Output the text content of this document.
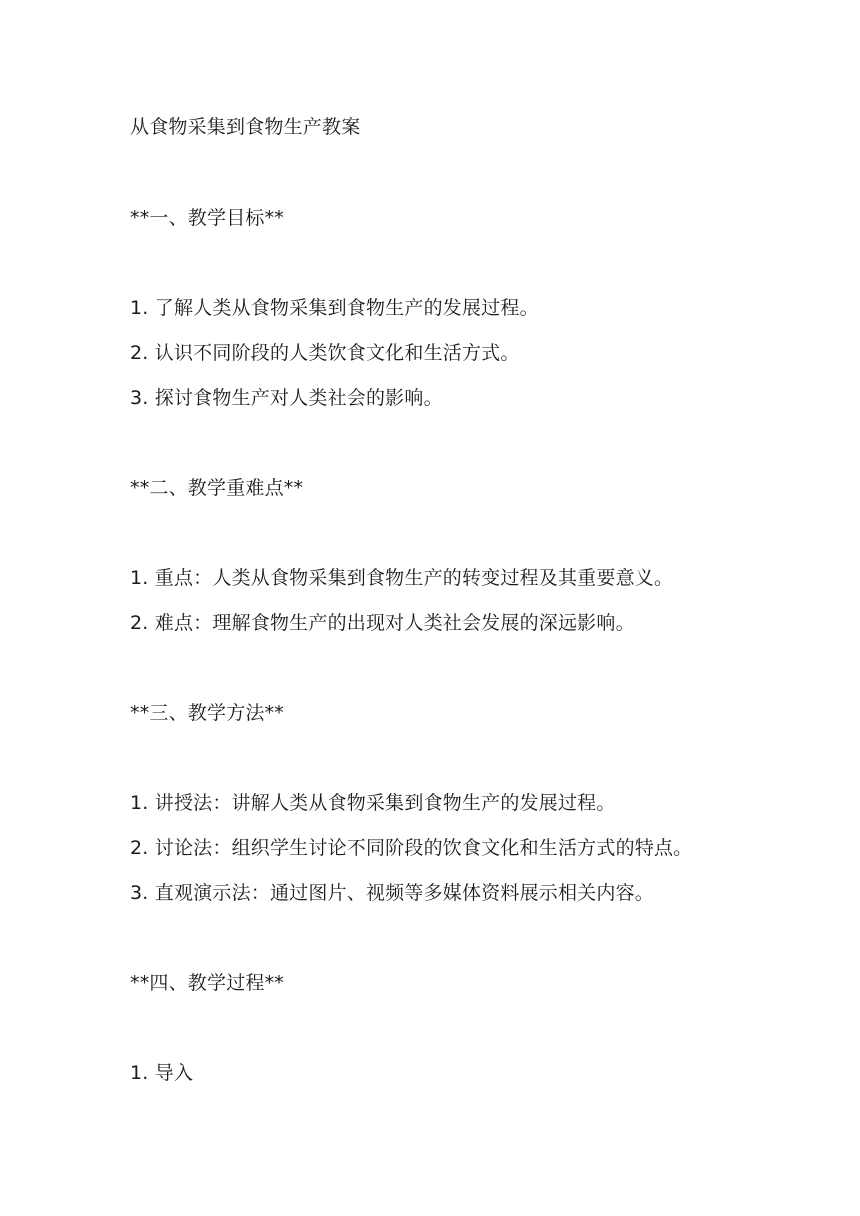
从食物采集到食物生产教案
**一、教学目标**
1. 了解人类从食物采集到食物生产的发展过程。
2. 认识不同阶段的人类饮食文化和生活方式。
3. 探讨食物生产对人类社会的影响。
**二、教学重难点**
1. 重点：人类从食物采集到食物生产的转变过程及其重要意义。
2. 难点：理解食物生产的出现对人类社会发展的深远影响。
**三、教学方法**
1. 讲授法：讲解人类从食物采集到食物生产的发展过程。
2. 讨论法：组织学生讨论不同阶段的饮食文化和生活方式的特点。
3. 直观演示法：通过图片、视频等多媒体资料展示相关内容。
**四、教学过程**
1. 导入
